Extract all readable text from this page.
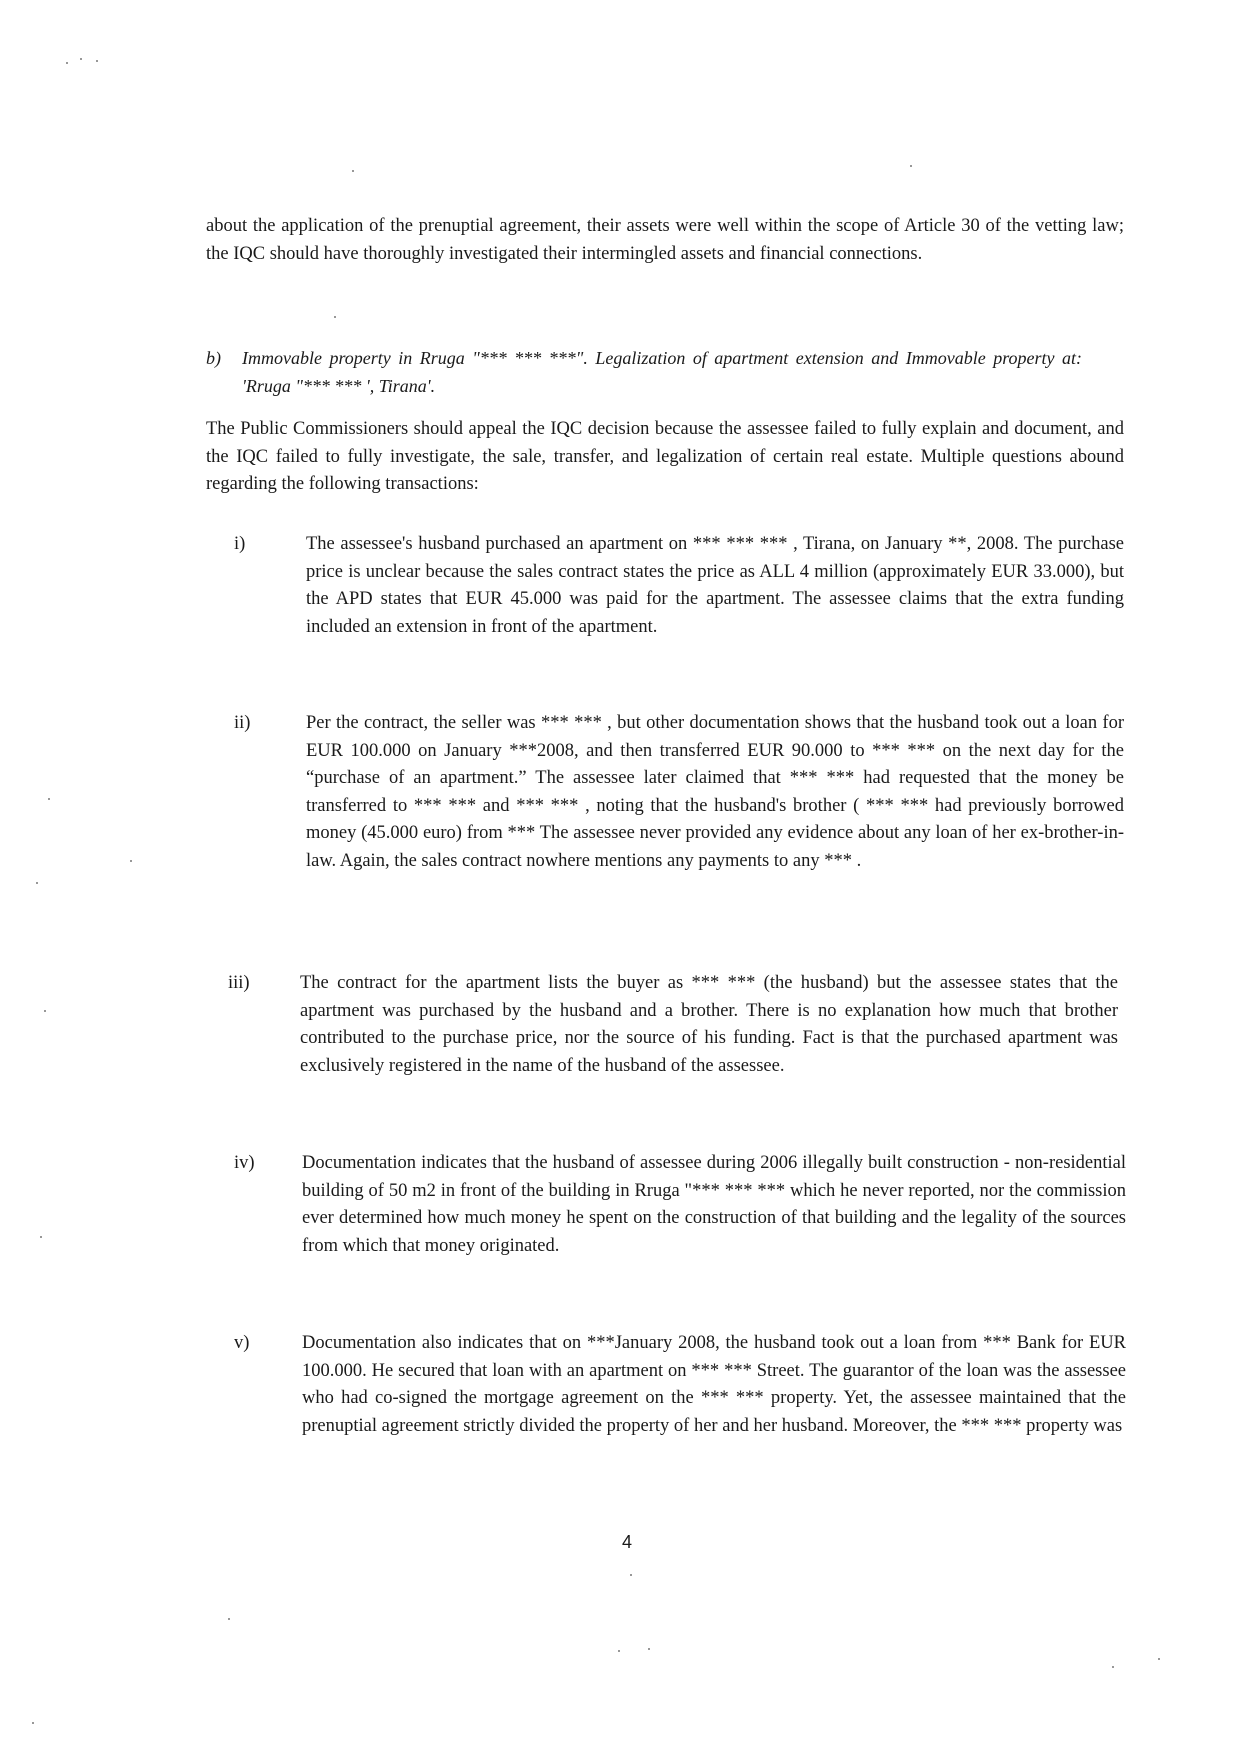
about the application of the prenuptial agreement, their assets were well within the scope of Article 30 of the vetting law; the IQC should have thoroughly investigated their intermingled assets and financial connections.

b) Immovable property in Rruga "*** *** ***". Legalization of apartment extension and Immovable property at: 'Rruga "*** *** ', Tirana'.

The Public Commissioners should appeal the IQC decision because the assessee failed to fully explain and document, and the IQC failed to fully investigate, the sale, transfer, and legalization of certain real estate. Multiple questions abound regarding the following transactions:

i)	The assessee's husband purchased an apartment on *** *** *** , Tirana, on January **, 2008. The purchase price is unclear because the sales contract states the price as ALL 4 million (approximately EUR 33.000), but the APD states that EUR 45.000 was paid for the apartment. The assessee claims that the extra funding included an extension in front of the apartment.
ii)	Per the contract, the seller was *** *** , but other documentation shows that the husband took out a loan for EUR 100.000 on January ***2008, and then transferred EUR 90.000 to *** *** on the next day for the “purchase of an apartment.” The assessee later claimed that *** *** had requested that the money be transferred to *** *** and *** *** , noting that the husband's brother ( *** *** had previously borrowed money (45.000 euro) from *** The assessee never provided any evidence about any loan of her ex-brother-in-law. Again, the sales contract nowhere mentions any payments to any *** .
iii)	The contract for the apartment lists the buyer as *** *** (the husband) but the assessee states that the apartment was purchased by the husband and a brother. There is no explanation how much that brother contributed to the purchase price, nor the source of his funding. Fact is that the purchased apartment was exclusively registered in the name of the husband of the assessee.
iv)	Documentation indicates that the husband of assessee during 2006 illegally built construction - non-residential building of 50 m2 in front of the building in Rruga "*** *** *** which he never reported, nor the commission ever determined how much money he spent on the construction of that building and the legality of the sources from which that money originated.
v)	Documentation also indicates that on ***January 2008, the husband took out a loan from *** Bank for EUR 100.000. He secured that loan with an apartment on *** *** Street. The guarantor of the loan was the assessee who had co-signed the mortgage agreement on the *** *** property. Yet, the assessee maintained that the prenuptial agreement strictly divided the property of her and her husband. Moreover, the *** *** property was
4
